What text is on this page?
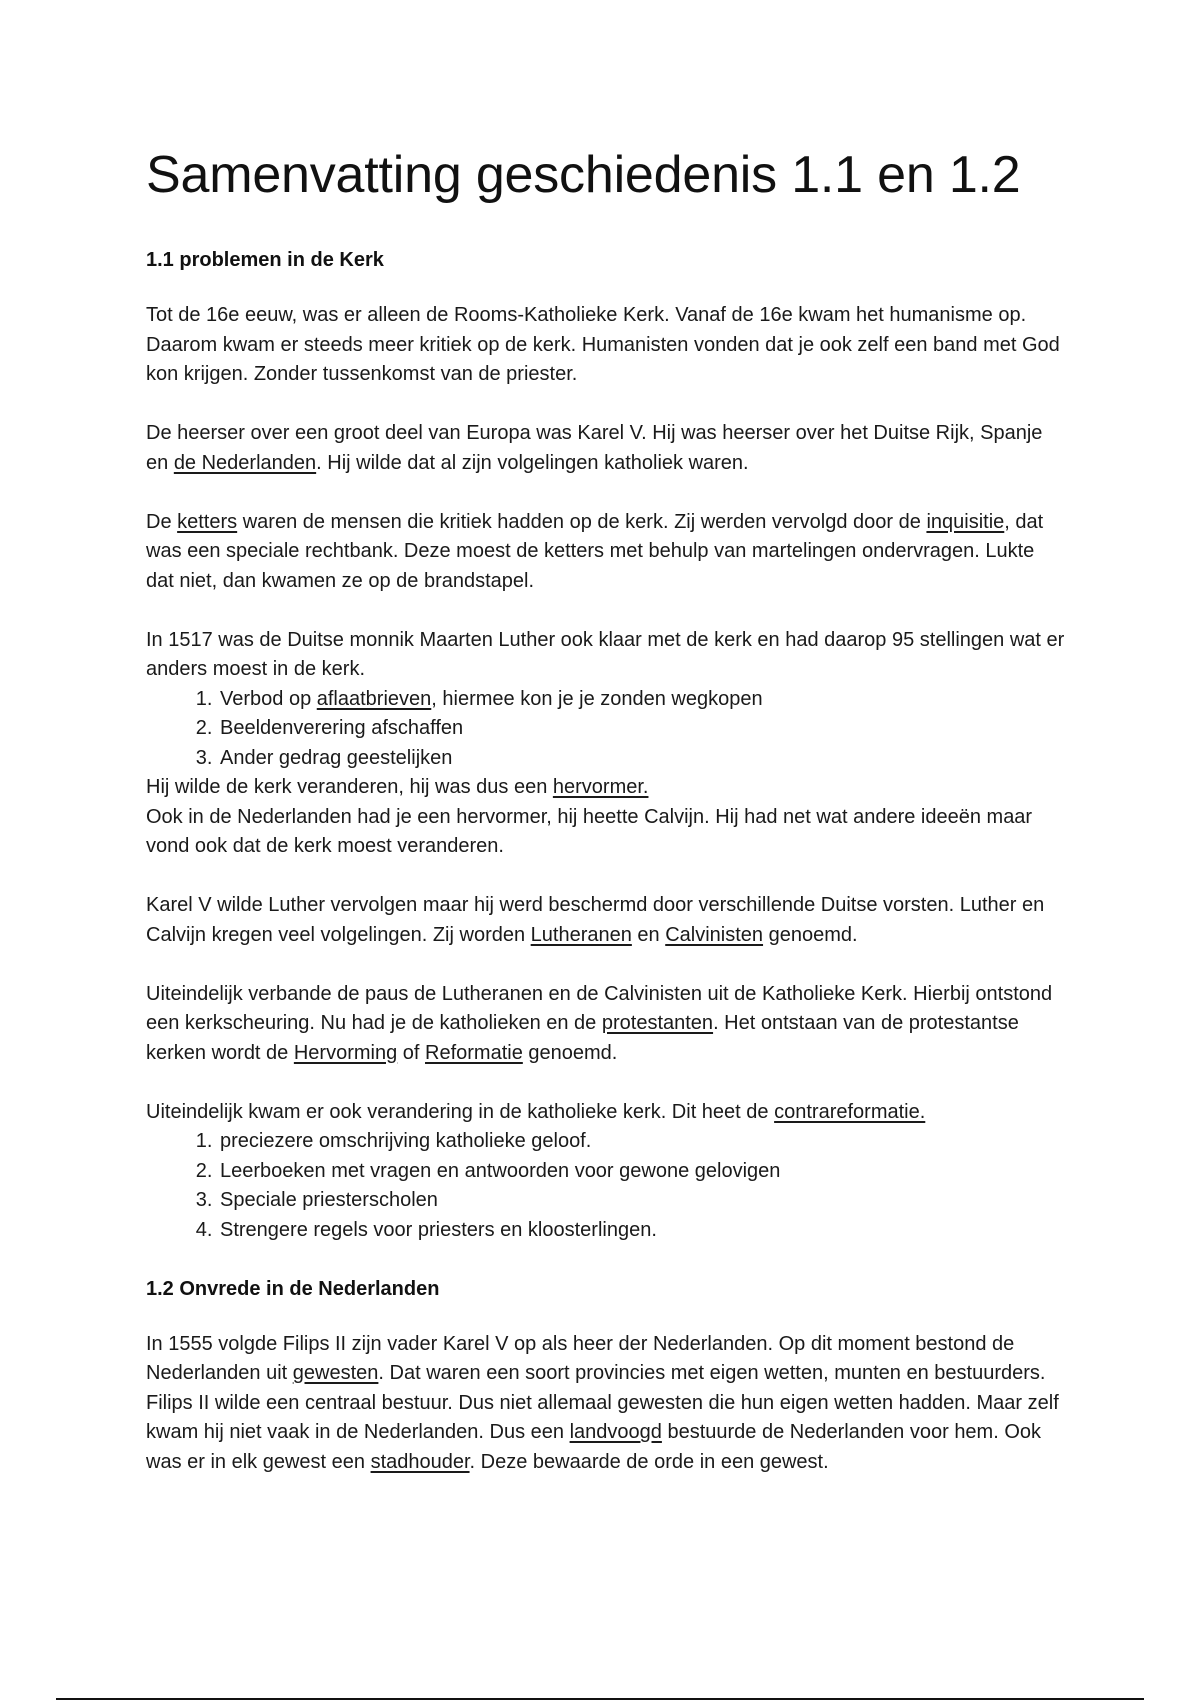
Samenvatting geschiedenis 1.1 en 1.2
1.1 problemen in de Kerk

Tot de 16e eeuw, was er alleen de Rooms-Katholieke Kerk. Vanaf de 16e kwam het humanisme op. Daarom kwam er steeds meer kritiek op de kerk. Humanisten vonden dat je ook zelf een band met God kon krijgen. Zonder tussenkomst van de priester.

De heerser over een groot deel van Europa was Karel V. Hij was heerser over het Duitse Rijk, Spanje en de Nederlanden. Hij wilde dat al zijn volgelingen katholiek waren.

De ketters waren de mensen die kritiek hadden op de kerk. Zij werden vervolgd door de inquisitie, dat was een speciale rechtbank. Deze moest de ketters met behulp van martelingen ondervragen. Lukte dat niet, dan kwamen ze op de brandstapel.

In 1517 was de Duitse monnik Maarten Luther ook klaar met de kerk en had daarop 95 stellingen wat er anders moest in de kerk.

1. Verbod op aflaatbrieven, hiermee kon je je zonden wegkopen
2. Beeldenverering afschaffen
3. Ander gedrag geestelijken

Hij wilde de kerk veranderen, hij was dus een hervormer.
Ook in de Nederlanden had je een hervormer, hij heette Calvijn. Hij had net wat andere ideeën maar vond ook dat de kerk moest veranderen.

Karel V wilde Luther vervolgen maar hij werd beschermd door verschillende Duitse vorsten. Luther en Calvijn kregen veel volgelingen. Zij worden Lutheranen en Calvinisten genoemd.

Uiteindelijk verbande de paus de Lutheranen en de Calvinisten uit de Katholieke Kerk. Hierbij ontstond een kerkscheuring. Nu had je de katholieken en de protestanten. Het ontstaan van de protestantse kerken wordt de Hervorming of Reformatie genoemd.

Uiteindelijk kwam er ook verandering in de katholieke kerk. Dit heet de contrareformatie.

1. preciezere omschrijving katholieke geloof.
2. Leerboeken met vragen en antwoorden voor gewone gelovigen
3. Speciale priesterscholen
4. Strengere regels voor priesters en kloosterlingen.
1.2 Onvrede in de Nederlanden

In 1555 volgde Filips II zijn vader Karel V op als heer der Nederlanden. Op dit moment bestond de Nederlanden uit gewesten. Dat waren een soort provincies met eigen wetten, munten en bestuurders.

Filips II wilde een centraal bestuur. Dus niet allemaal gewesten die hun eigen wetten hadden. Maar zelf kwam hij niet vaak in de Nederlanden. Dus een landvoogd bestuurde de Nederlanden voor hem. Ook was er in elk gewest een stadhouder. Deze bewaarde de orde in een gewest.
